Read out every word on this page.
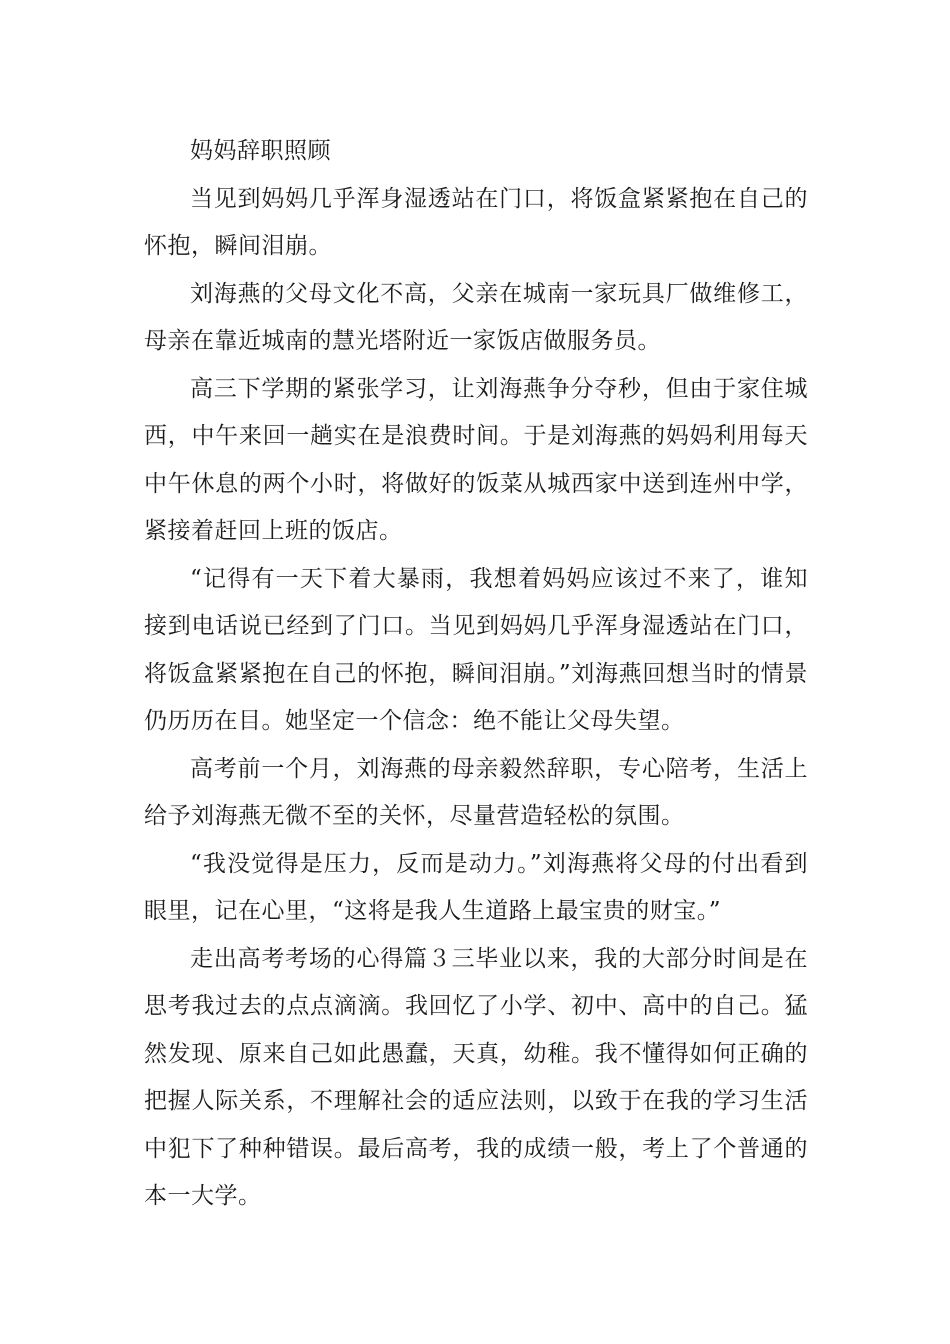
妈妈辞职照顾

当见到妈妈几乎浑身湿透站在门口，将饭盒紧紧抱在自己的怀抱，瞬间泪崩。

刘海燕的父母文化不高，父亲在城南一家玩具厂做维修工，母亲在靠近城南的慧光塔附近一家饭店做服务员。

高三下学期的紧张学习，让刘海燕争分夺秒，但由于家住城西，中午来回一趟实在是浪费时间。于是刘海燕的妈妈利用每天中午休息的两个小时，将做好的饭菜从城西家中送到连州中学，紧接着赶回上班的饭店。

“记得有一天下着大暴雨，我想着妈妈应该过不来了，谁知接到电话说已经到了门口。当见到妈妈几乎浑身湿透站在门口，将饭盒紧紧抱在自己的怀抱，瞬间泪崩。”刘海燕回想当时的情景仍历历在目。她坚定一个信念：绝不能让父母失望。

高考前一个月，刘海燕的母亲毅然辞职，专心陪考，生活上给予刘海燕无微不至的关怀，尽量营造轻松的氛围。

“我没觉得是压力，反而是动力。”刘海燕将父母的付出看到眼里，记在心里，“这将是我人生道路上最宝贵的财宝。”

走出高考考场的心得篇３三毕业以来，我的大部分时间是在思考我过去的点点滴滴。我回忆了小学、初中、高中的自己。猛然发现、原来自己如此愚蠢，天真，幼稚。我不懂得如何正确的把握人际关系，不理解社会的适应法则，以致于在我的学习生活中犯下了种种错误。最后高考，我的成绩一般，考上了个普通的本一大学。
